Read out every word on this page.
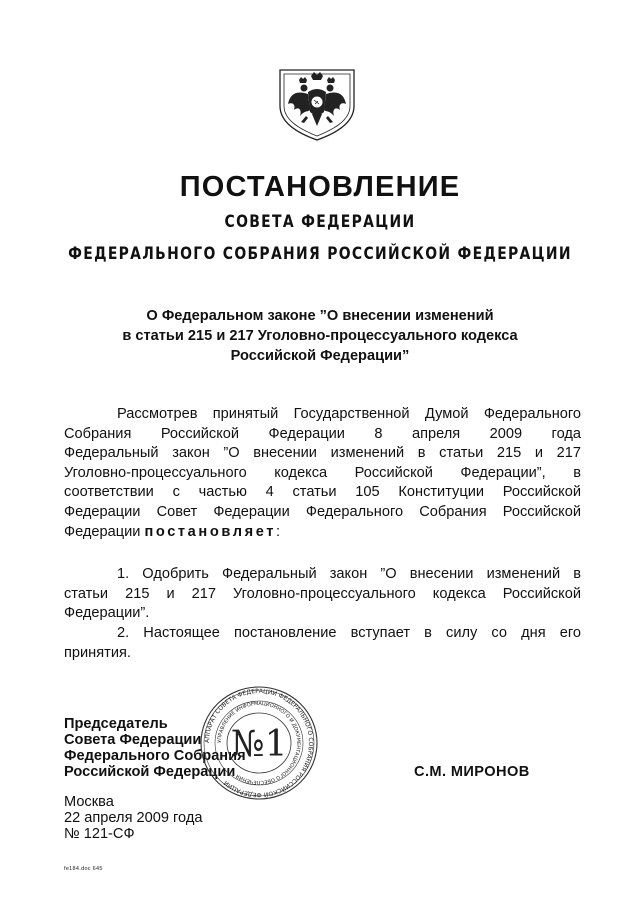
ПОСТАНОВЛЕНИЕ
СОВЕТА ФЕДЕРАЦИИ
ФЕДЕРАЛЬНОГО СОБРАНИЯ РОССИЙСКОЙ ФЕДЕРАЦИИ
О Федеральном законе ”О внесении изменений
в статьи 215 и 217 Уголовно-процессуального кодекса
Российской Федерации”
Рассмотрев принятый Государственной Думой Федерального
Собрания Российской Федерации 8 апреля 2009 года
Федеральный закон ”О внесении изменений в статьи 215 и 217
Уголовно-процессуального кодекса Российской Федерации”, в
соответствии с частью 4 статьи 105 Конституции Российской
Федерации Совет Федерации Федерального Собрания Российской
Федерации постановляет:
1. Одобрить Федеральный закон ”О внесении изменений в
статьи 215 и 217 Уголовно-процессуального кодекса Российской
Федерации”.
2. Настоящее постановление вступает в силу со дня его
принятия.
Председатель
Совета Федерации
Федерального Собрания
Российской Федерации
АППАРАТ СОВЕТА ФЕДЕРАЦИИ ФЕДЕРАЛЬНОГО СОБРАНИЯ РОССИЙСКОЙ ФЕДЕРАЦИИ
УПРАВЛЕНИЕ ИНФОРМАЦИОННОГО И ДОКУМЕНТАЦИОННОГО ОБЕСПЕЧЕНИЯ
№1
С.М. МИРОНОВ
Москва
22 апреля 2009 года
№ 121-СФ
fe184.doc 645
